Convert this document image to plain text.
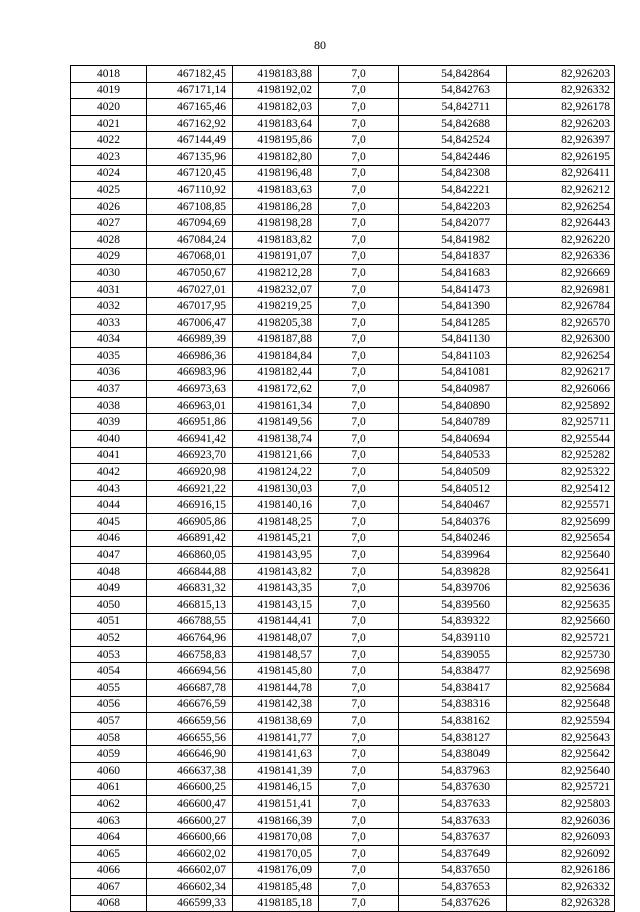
80
4018	467182,45	4198183,88	7,0	54,842864	82,926203
4019	467171,14	4198192,02	7,0	54,842763	82,926332
4020	467165,46	4198182,03	7,0	54,842711	82,926178
4021	467162,92	4198183,64	7,0	54,842688	82,926203
4022	467144,49	4198195,86	7,0	54,842524	82,926397
4023	467135,96	4198182,80	7,0	54,842446	82,926195
4024	467120,45	4198196,48	7,0	54,842308	82,926411
4025	467110,92	4198183,63	7,0	54,842221	82,926212
4026	467108,85	4198186,28	7,0	54,842203	82,926254
4027	467094,69	4198198,28	7,0	54,842077	82,926443
4028	467084,24	4198183,82	7,0	54,841982	82,926220
4029	467068,01	4198191,07	7,0	54,841837	82,926336
4030	467050,67	4198212,28	7,0	54,841683	82,926669
4031	467027,01	4198232,07	7,0	54,841473	82,926981
4032	467017,95	4198219,25	7,0	54,841390	82,926784
4033	467006,47	4198205,38	7,0	54,841285	82,926570
4034	466989,39	4198187,88	7,0	54,841130	82,926300
4035	466986,36	4198184,84	7,0	54,841103	82,926254
4036	466983,96	4198182,44	7,0	54,841081	82,926217
4037	466973,63	4198172,62	7,0	54,840987	82,926066
4038	466963,01	4198161,34	7,0	54,840890	82,925892
4039	466951,86	4198149,56	7,0	54,840789	82,925711
4040	466941,42	4198138,74	7,0	54,840694	82,925544
4041	466923,70	4198121,66	7,0	54,840533	82,925282
4042	466920,98	4198124,22	7,0	54,840509	82,925322
4043	466921,22	4198130,03	7,0	54,840512	82,925412
4044	466916,15	4198140,16	7,0	54,840467	82,925571
4045	466905,86	4198148,25	7,0	54,840376	82,925699
4046	466891,42	4198145,21	7,0	54,840246	82,925654
4047	466860,05	4198143,95	7,0	54,839964	82,925640
4048	466844,88	4198143,82	7,0	54,839828	82,925641
4049	466831,32	4198143,35	7,0	54,839706	82,925636
4050	466815,13	4198143,15	7,0	54,839560	82,925635
4051	466788,55	4198144,41	7,0	54,839322	82,925660
4052	466764,96	4198148,07	7,0	54,839110	82,925721
4053	466758,83	4198148,57	7,0	54,839055	82,925730
4054	466694,56	4198145,80	7,0	54,838477	82,925698
4055	466687,78	4198144,78	7,0	54,838417	82,925684
4056	466676,59	4198142,38	7,0	54,838316	82,925648
4057	466659,56	4198138,69	7,0	54,838162	82,925594
4058	466655,56	4198141,77	7,0	54,838127	82,925643
4059	466646,90	4198141,63	7,0	54,838049	82,925642
4060	466637,38	4198141,39	7,0	54,837963	82,925640
4061	466600,25	4198146,15	7,0	54,837630	82,925721
4062	466600,47	4198151,41	7,0	54,837633	82,925803
4063	466600,27	4198166,39	7,0	54,837633	82,926036
4064	466600,66	4198170,08	7,0	54,837637	82,926093
4065	466602,02	4198170,05	7,0	54,837649	82,926092
4066	466602,07	4198176,09	7,0	54,837650	82,926186
4067	466602,34	4198185,48	7,0	54,837653	82,926332
4068	466599,33	4198185,18	7,0	54,837626	82,926328
